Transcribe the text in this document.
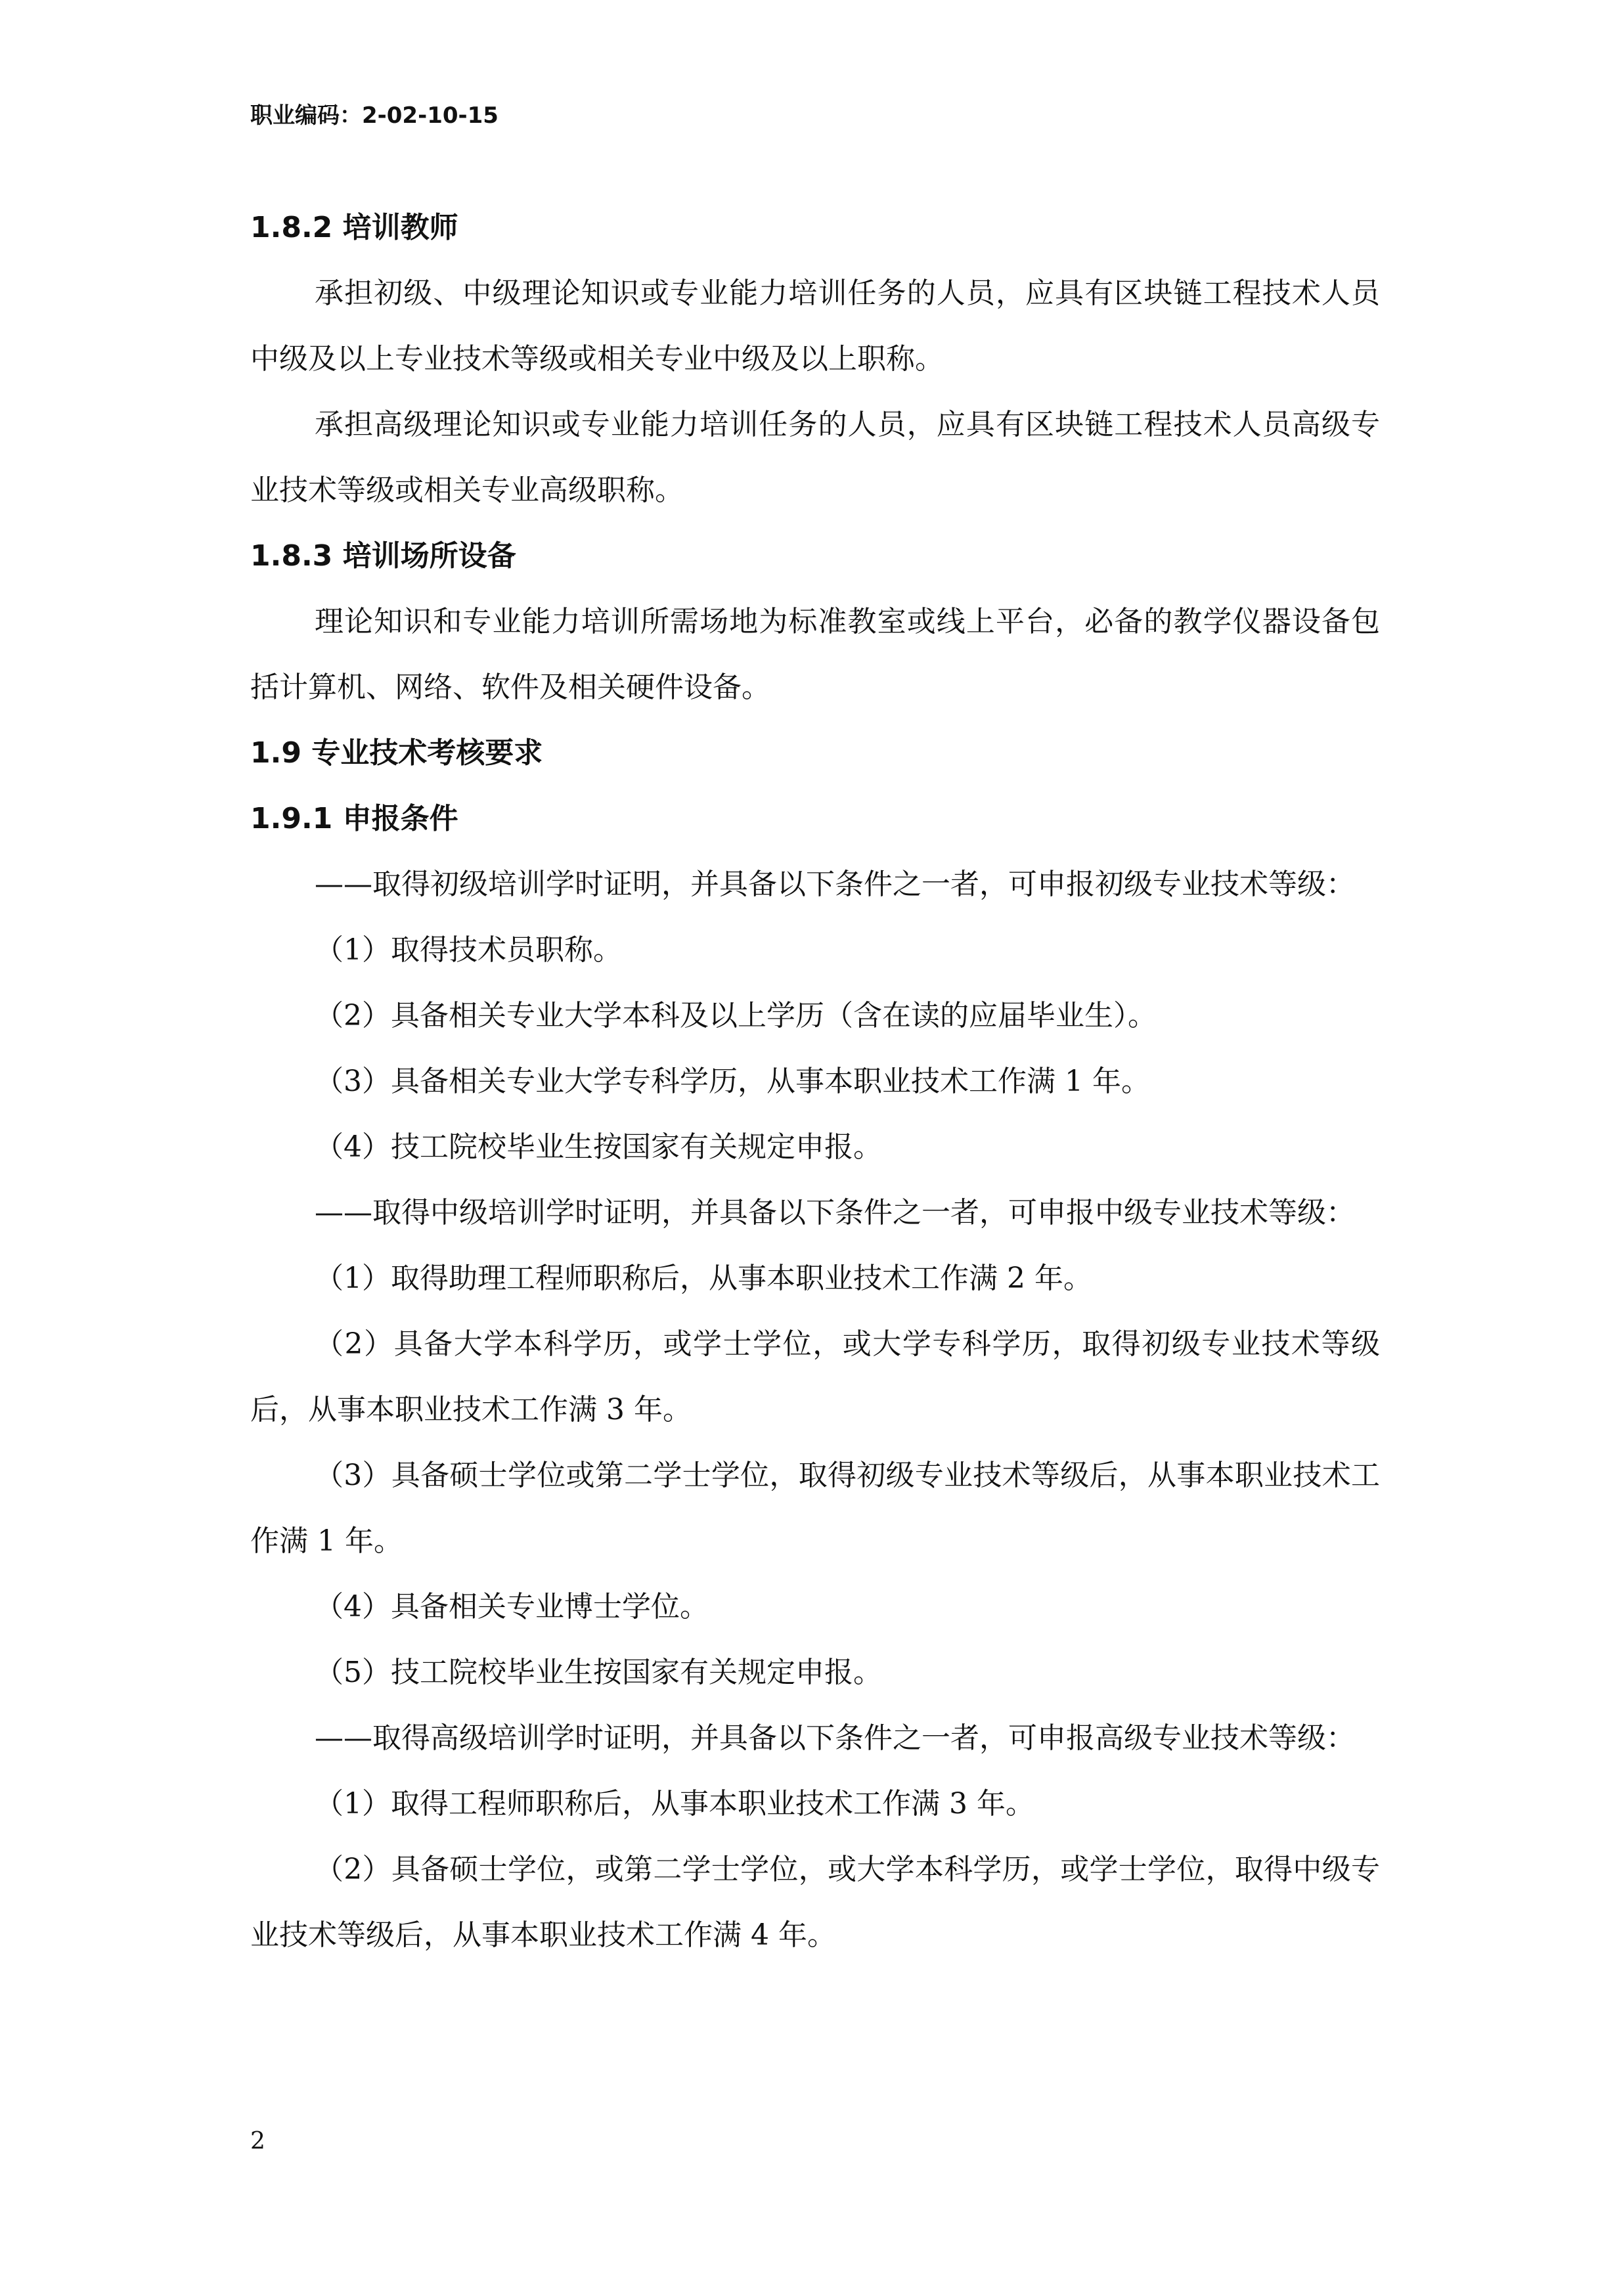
职业编码：2-02-10-15
1.8.2 培训教师
承担初级、中级理论知识或专业能力培训任务的人员，应具有区块链工程技术人员中级及以上专业技术等级或相关专业中级及以上职称。
承担高级理论知识或专业能力培训任务的人员，应具有区块链工程技术人员高级专业技术等级或相关专业高级职称。
1.8.3 培训场所设备
理论知识和专业能力培训所需场地为标准教室或线上平台，必备的教学仪器设备包括计算机、网络、软件及相关硬件设备。
1.9 专业技术考核要求
1.9.1 申报条件
——取得初级培训学时证明，并具备以下条件之一者，可申报初级专业技术等级：
（1）取得技术员职称。
（2）具备相关专业大学本科及以上学历（含在读的应届毕业生）。
（3）具备相关专业大学专科学历，从事本职业技术工作满 1 年。
（4）技工院校毕业生按国家有关规定申报。
——取得中级培训学时证明，并具备以下条件之一者，可申报中级专业技术等级：
（1）取得助理工程师职称后，从事本职业技术工作满 2 年。
（2）具备大学本科学历，或学士学位，或大学专科学历，取得初级专业技术等级后，从事本职业技术工作满 3 年。
（3）具备硕士学位或第二学士学位，取得初级专业技术等级后，从事本职业技术工作满 1 年。
（4）具备相关专业博士学位。
（5）技工院校毕业生按国家有关规定申报。
——取得高级培训学时证明，并具备以下条件之一者，可申报高级专业技术等级：
（1）取得工程师职称后，从事本职业技术工作满 3 年。
（2）具备硕士学位，或第二学士学位，或大学本科学历，或学士学位，取得中级专业技术等级后，从事本职业技术工作满 4 年。
2
